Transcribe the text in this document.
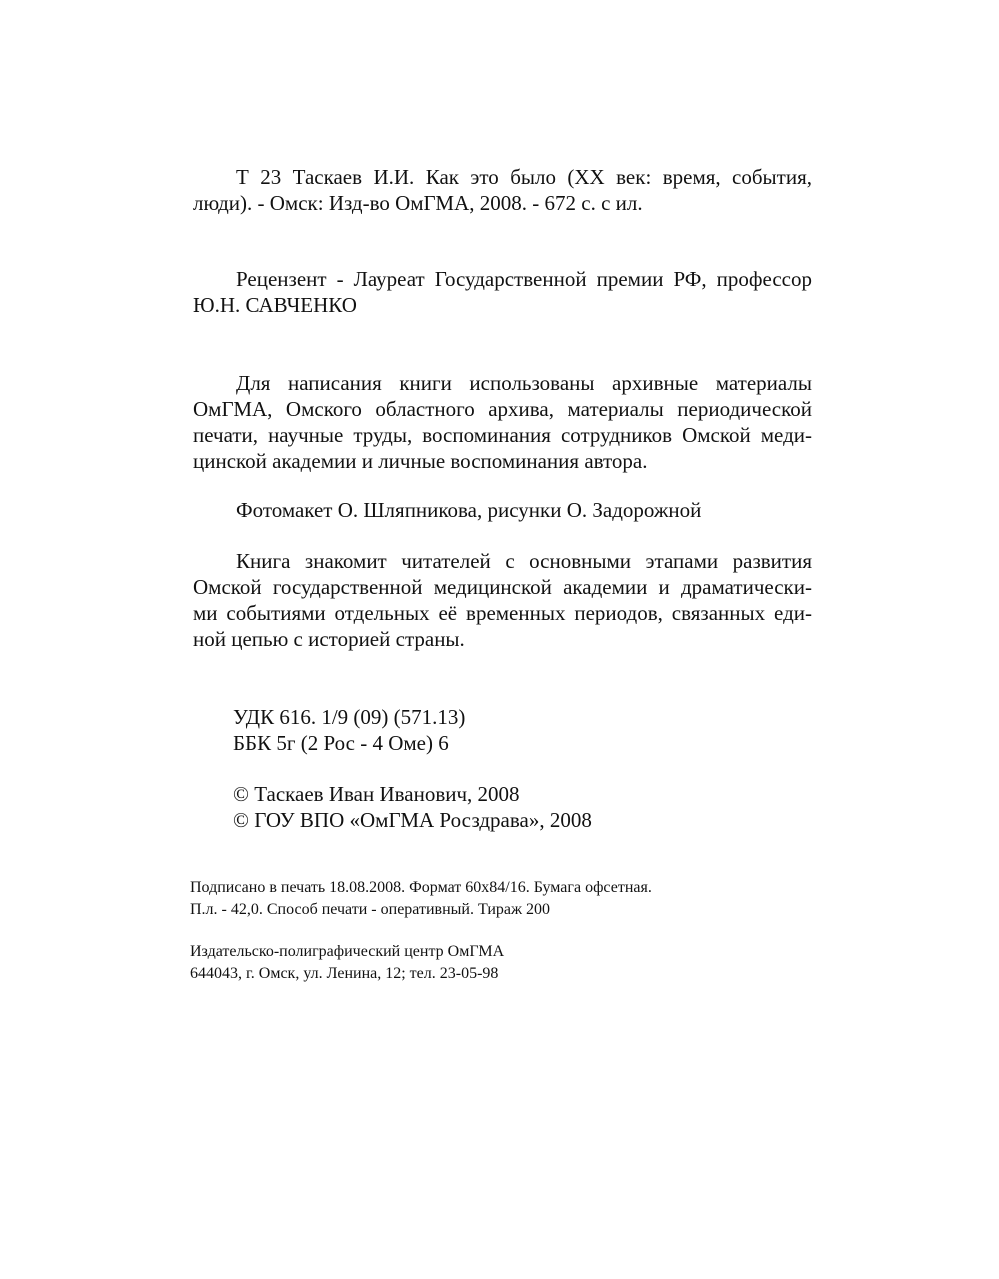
Т 23 Таскаев И.И. Как это было (XX век: время, события,
люди). - Омск: Изд-во ОмГМА, 2008. - 672 с. с ил.
Рецензент - Лауреат Государственной премии РФ, профессор
Ю.Н. САВЧЕНКО
Для написания книги использованы архивные материалы
ОмГМА, Омского областного архива, материалы периодической
печати, научные труды, воспоминания сотрудников Омской меди-
цинской академии и личные воспоминания автора.
Фотомакет О. Шляпникова, рисунки О. Задорожной
Книга знакомит читателей с основными этапами развития
Омской государственной медицинской академии и драматически-
ми событиями отдельных её временных периодов, связанных еди-
ной цепью с историей страны.
УДК 616. 1/9 (09) (571.13)
ББК 5г (2 Рос - 4 Оме) 6
© Таскаев Иван Иванович, 2008
© ГОУ ВПО «ОмГМА Росздрава», 2008
Подписано в печать 18.08.2008. Формат 60х84/16. Бумага офсетная.
П.л. - 42,0. Способ печати - оперативный. Тираж 200
Издательско-полиграфический центр ОмГМА
644043, г. Омск, ул. Ленина, 12; тел. 23-05-98
